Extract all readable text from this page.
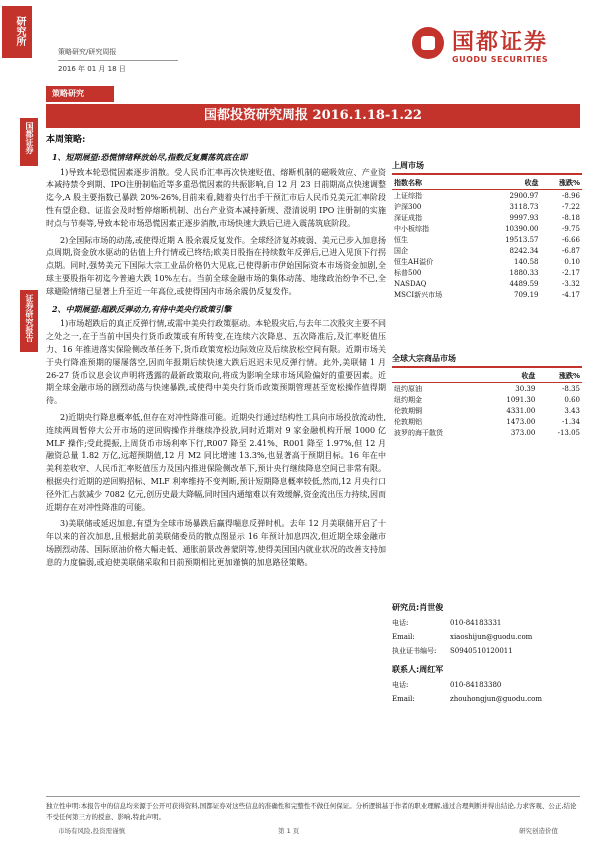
研究所
国都证券
证券研究报告
策略研究/研究周报
2016 年 01 月 18 日
国都证券
GUODU SECURITIES
策略研究
国都投资研究周报 2016.1.18-1.22
本周策略:
1、短期展望:恐慌情绪释放始尽,指数反复震荡筑底在即

1)导致本轮恐慌因素逐步消散。受人民币汇率再次快速贬值、熔断机制的磁吸效应、产业资本减持禁令到期、IPO注册制临近等多重恐慌因素的共振影响,自 12 月 23 日前期高点快速调整迄今,A 股主要指数已暴跌 20%-26%,目前来看,随着央行出手干预汇市后人民币兑美元汇率阶段性有望企稳、证监会及时暂停熔断机制、出台产业资本减持新规、澄清说明 IPO 注册制的实施时点与节奏等,导致本轮市场恐慌因素正逐步消散,市场快速大跌后已进入震荡筑底阶段。

2)全国际市场的动荡,或使得近期 A 股余震反复发作。全球经济复苏疲弱、美元已步入加息扬点周期,资金放水驱动的估值上升行情或已终结;欧美日股指在持续数年反弹后,已进入见顶下行拐点期。同时,强势美元下国际大宗工业品价格仍大见底,已使得新市伊始国际资本市场资金加剧,全球主要股指年初迄今普遍大跌 10%左右。当前全球金融市场的集体动荡、地缘政治纷争不已,全球避险情绪已显著上升至近一年高位,或使得国内市场余震仍反复发作。

2、中期展望:超跌反弹动力,有待中美央行政策引擎

1)市场超跌后的真正反弹行情,或需中美央行政策驱动。本轮股灾后,与去年二次股灾主要不同之处之一,在于当前中国央行货币政策或有所转变,在连续六次降息、五次降准后,及汇率贬值压力、16 年推进落实保险侧改革任务下,货币政策宽松边际效应及后续放松空间有限。近期市场关于央行降准预期的屡屡落空,因而年报期后续快速大跌后迟迟未见反弹行情。此外,美联储 1 月 26-27 货币议息会议声明将透露的最新政策取向,将成为影响全球市场风险偏好的重要因素。近期全球金融市场的剧烈动荡与快速暴跌,或使得中美央行货币政策预期管理甚至宽松操作值得期待。

2)近期央行降息概率低,但存在对冲性降准可能。近期央行通过结构性工具向市场投放流动性,连续两周暂停大公开市场的逆回购操作并继续净投放,同时近期对 9 家金融机构开展 1000 亿 MLF 操作;受此提振,上周货币市场利率下行,R007 降至 2.41%、R001 降至 1.97%,但 12 月融资总量 1.82 万亿,远超预期值,12 月 M2 同比增速 13.3%,也显著高于预期目标。16 年在中美利差收窄、人民币汇率贬值压力及国内推进保险侧改革下,预计央行继续降息空间已非常有限。根据央行近期的逆回购招标、MLF 利率维持不变判断,预计短期降息概率较低,然而,12 月央行口径外汇占款减少 7082 亿元,创历史最大降幅,同时国内通缩难以有效缓解,资金流出压力持续,因而近期存在对冲性降准的可能。

3)美联储或延迟加息,有望为全球市场暴跌后赢得喘息反弹时机。去年 12 月美联储开启了十年以来的首次加息,且根据此前美联储委员的散点图显示 16 年预计加息四次,但近期全球金融市场剧烈动荡、国际原油价格大幅走低、通胀前景改善蒙阴等,使得美国国内就业状况的改善支持加息的力度偏弱,或迫使美联储采取和日前预期相比更加谨慎的加息路径策略。

上周市场
指数名称	收盘	涨跌%
上证综指	2900.97	-8.96
沪深300	3118.73	-7.22
深证成指	9997.93	-8.18
中小板综指	10390.00	-9.75
恒生	19513.57	-6.66
国企	8242.34	-6.87
恒生AH溢价	140.58	0.10
标普500	1880.33	-2.17
NASDAQ	4489.59	-3.32
MSCI新兴市场	709.19	-4.17
全球大宗商品市场
	收盘	涨跌%
纽约原油	30.39	-8.35
纽约期金	1091.30	0.60
伦敦期铜	4331.00	3.43
伦敦期铝	1473.00	-1.34
波罗的海干散货	373.00	-13.05
研究员:肖世俊
电话:	010-84183331
Email:	xiaoshijun@guodu.com
执业证书编号:	S0940510120011
联系人:周红军
电话:	010-84183380
Email:	zhouhongjun@guodu.com
独立性申明:本报告中的信息均来源于公开可获得资料,国都证券对这些信息的准确性和完整性不做任何保证。分析逻辑基于作者的职业理解,通过合理判断并得出结论,力求客观、公正,结论不受任何第三方的授意、影响,特此声明。
市场有风险,投资需谨慎	第 1 页	研究创造价值
